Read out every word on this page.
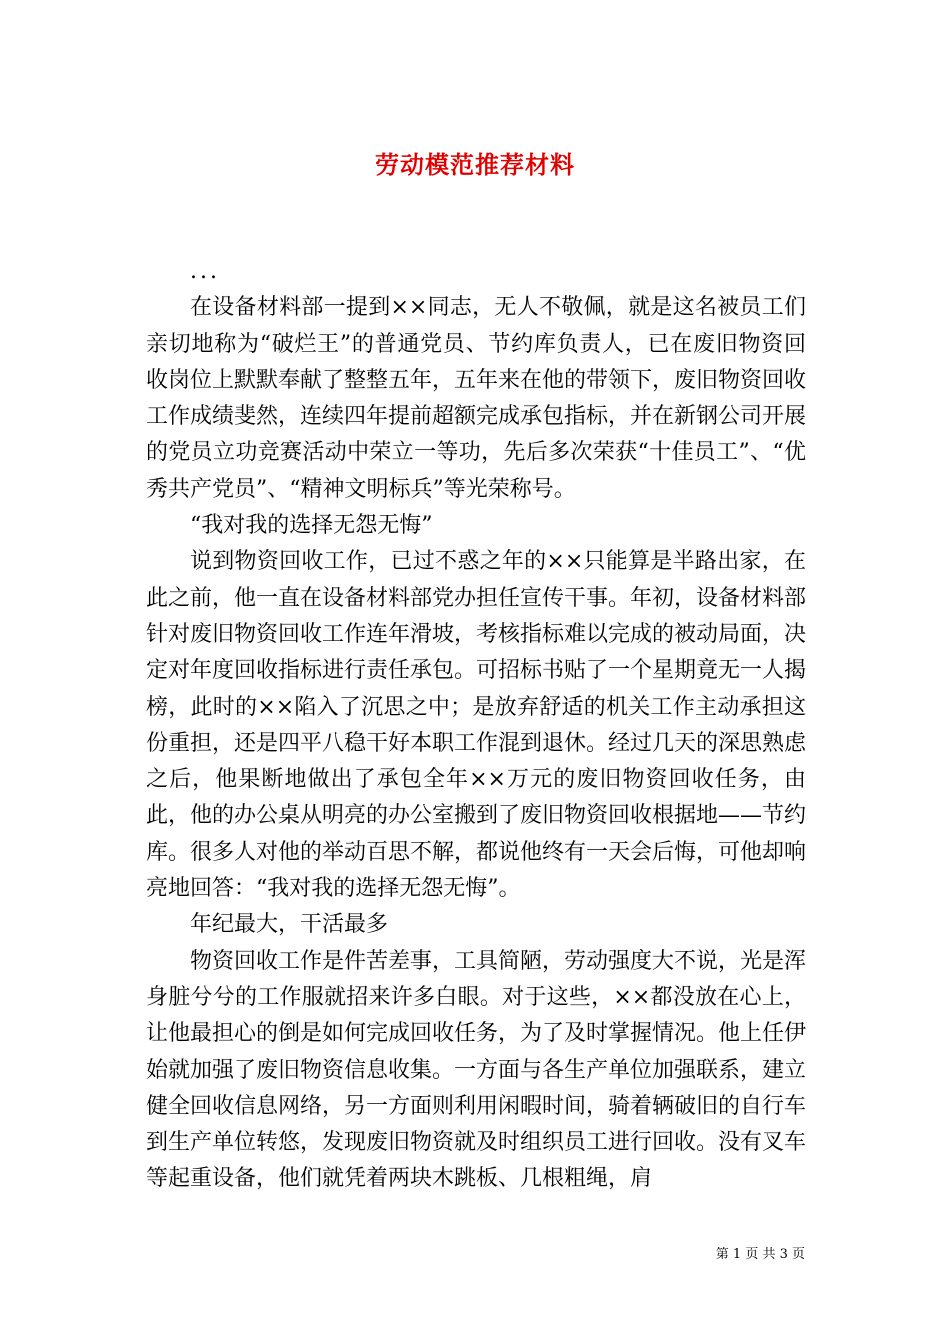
劳动模范推荐材料

...

在设备材料部一提到××同志，无人不敬佩，就是这名被员工们亲切地称为“破烂王”的普通党员、节约库负责人，已在废旧物资回收岗位上默默奉献了整整五年，五年来在他的带领下，废旧物资回收工作成绩斐然，连续四年提前超额完成承包指标，并在新钢公司开展的党员立功竞赛活动中荣立一等功，先后多次荣获“十佳员工”、“优秀共产党员”、“精神文明标兵”等光荣称号。

“我对我的选择无怨无悔”

说到物资回收工作，已过不惑之年的××只能算是半路出家，在此之前，他一直在设备材料部党办担任宣传干事。年初，设备材料部针对废旧物资回收工作连年滑坡，考核指标难以完成的被动局面，决定对年度回收指标进行责任承包。可招标书贴了一个星期竟无一人揭榜，此时的××陷入了沉思之中；是放弃舒适的机关工作主动承担这份重担，还是四平八稳干好本职工作混到退休。经过几天的深思熟虑之后，他果断地做出了承包全年××万元的废旧物资回收任务，由此，他的办公桌从明亮的办公室搬到了废旧物资回收根据地——节约库。很多人对他的举动百思不解，都说他终有一天会后悔，可他却响亮地回答：“我对我的选择无怨无悔”。

年纪最大，干活最多

物资回收工作是件苦差事，工具简陋，劳动强度大不说，光是浑身脏兮兮的工作服就招来许多白眼。对于这些，××都没放在心上，让他最担心的倒是如何完成回收任务，为了及时掌握情况。他上任伊始就加强了废旧物资信息收集。一方面与各生产单位加强联系，建立健全回收信息网络，另一方面则利用闲暇时间，骑着辆破旧的自行车到生产单位转悠，发现废旧物资就及时组织员工进行回收。没有叉车等起重设备，他们就凭着两块木跳板、几根粗绳，肩

第 1 页 共 3 页
